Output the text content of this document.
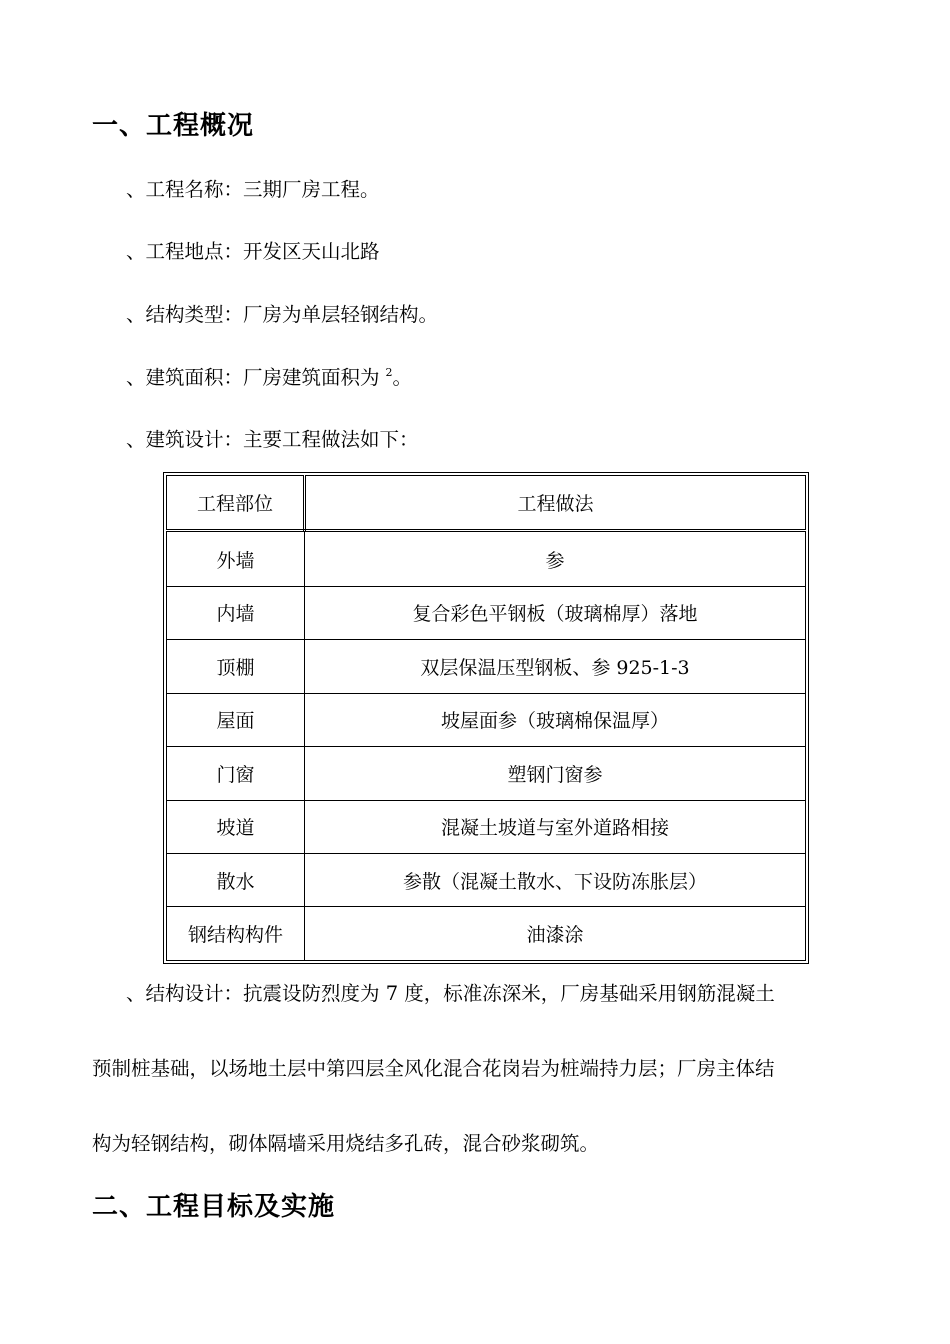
一、工程概况
、工程名称：三期厂房工程。
、工程地点：开发区天山北路
、结构类型：厂房为单层轻钢结构。
、建筑面积：厂房建筑面积为 $^2$。
、建筑设计：主要工程做法如下：
工程部位	工程做法
外墙	参
内墙	复合彩色平钢板（玻璃棉厚）落地
顶棚	双层保温压型钢板、参 925-1-3
屋面	坡屋面参（玻璃棉保温厚）
门窗	塑钢门窗参
坡道	混凝土坡道与室外道路相接
散水	参散（混凝土散水、下设防冻胀层）
钢结构构件	油漆涂
、结构设计：抗震设防烈度为 7 度，标准冻深米，厂房基础采用钢筋混凝土
预制桩基础，以场地土层中第四层全风化混合花岗岩为桩端持力层；厂房主体结
构为轻钢结构，砌体隔墙采用烧结多孔砖，混合砂浆砌筑。
二、工程目标及实施
